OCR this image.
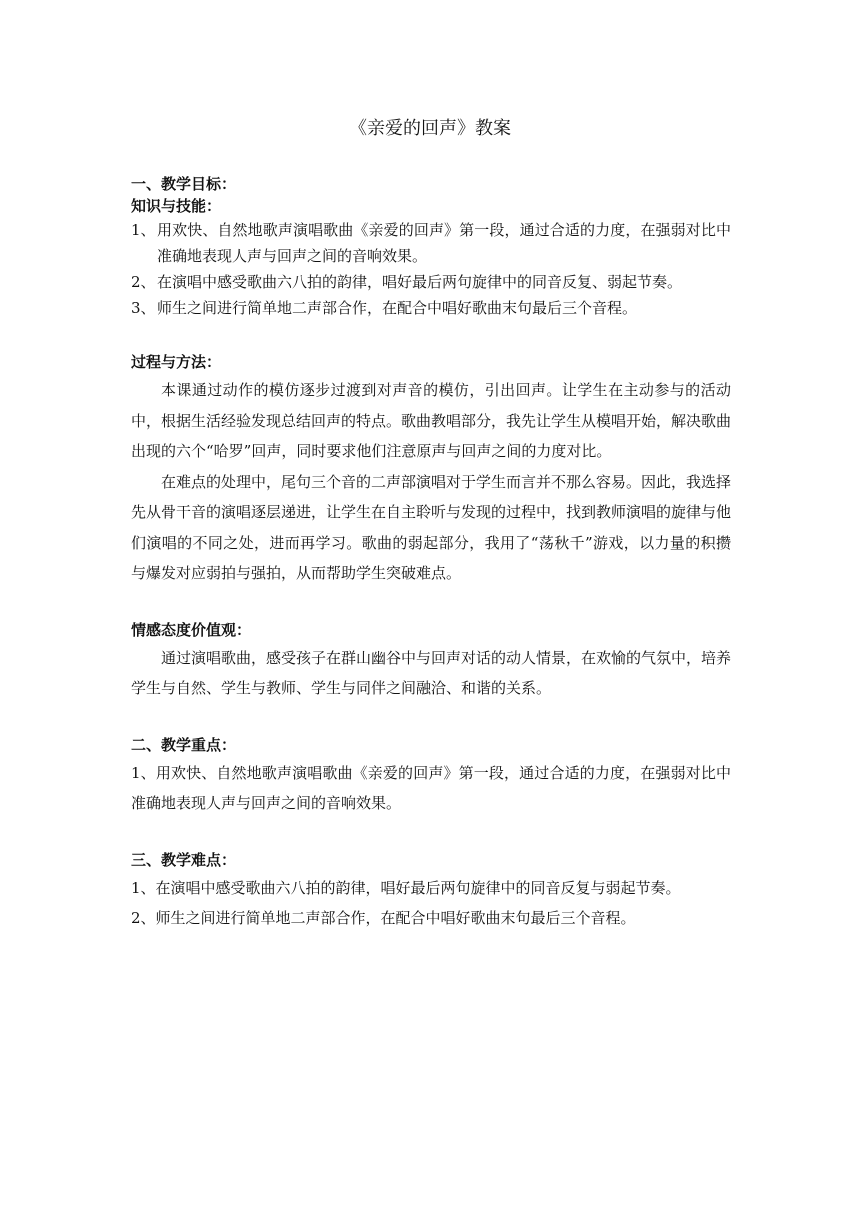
《亲爱的回声》教案

一、教学目标：

知识与技能：

1、 用欢快、自然地歌声演唱歌曲《亲爱的回声》第一段，通过合适的力度，在强弱对比中准确地表现人声与回声之间的音响效果。
2、 在演唱中感受歌曲六八拍的韵律，唱好最后两句旋律中的同音反复、弱起节奏。
3、 师生之间进行简单地二声部合作，在配合中唱好歌曲末句最后三个音程。

过程与方法：

本课通过动作的模仿逐步过渡到对声音的模仿，引出回声。让学生在主动参与的活动中，根据生活经验发现总结回声的特点。歌曲教唱部分，我先让学生从模唱开始，解决歌曲出现的六个“哈罗”回声，同时要求他们注意原声与回声之间的力度对比。

在难点的处理中，尾句三个音的二声部演唱对于学生而言并不那么容易。因此，我选择先从骨干音的演唱逐层递进，让学生在自主聆听与发现的过程中，找到教师演唱的旋律与他们演唱的不同之处，进而再学习。歌曲的弱起部分，我用了“荡秋千”游戏，以力量的积攒与爆发对应弱拍与强拍，从而帮助学生突破难点。

情感态度价值观：

通过演唱歌曲，感受孩子在群山幽谷中与回声对话的动人情景，在欢愉的气氛中，培养学生与自然、学生与教师、学生与同伴之间融洽、和谐的关系。

二、教学重点：

1、用欢快、自然地歌声演唱歌曲《亲爱的回声》第一段，通过合适的力度，在强弱对比中准确地表现人声与回声之间的音响效果。

三、教学难点：

1、在演唱中感受歌曲六八拍的韵律，唱好最后两句旋律中的同音反复与弱起节奏。

2、师生之间进行简单地二声部合作，在配合中唱好歌曲末句最后三个音程。
